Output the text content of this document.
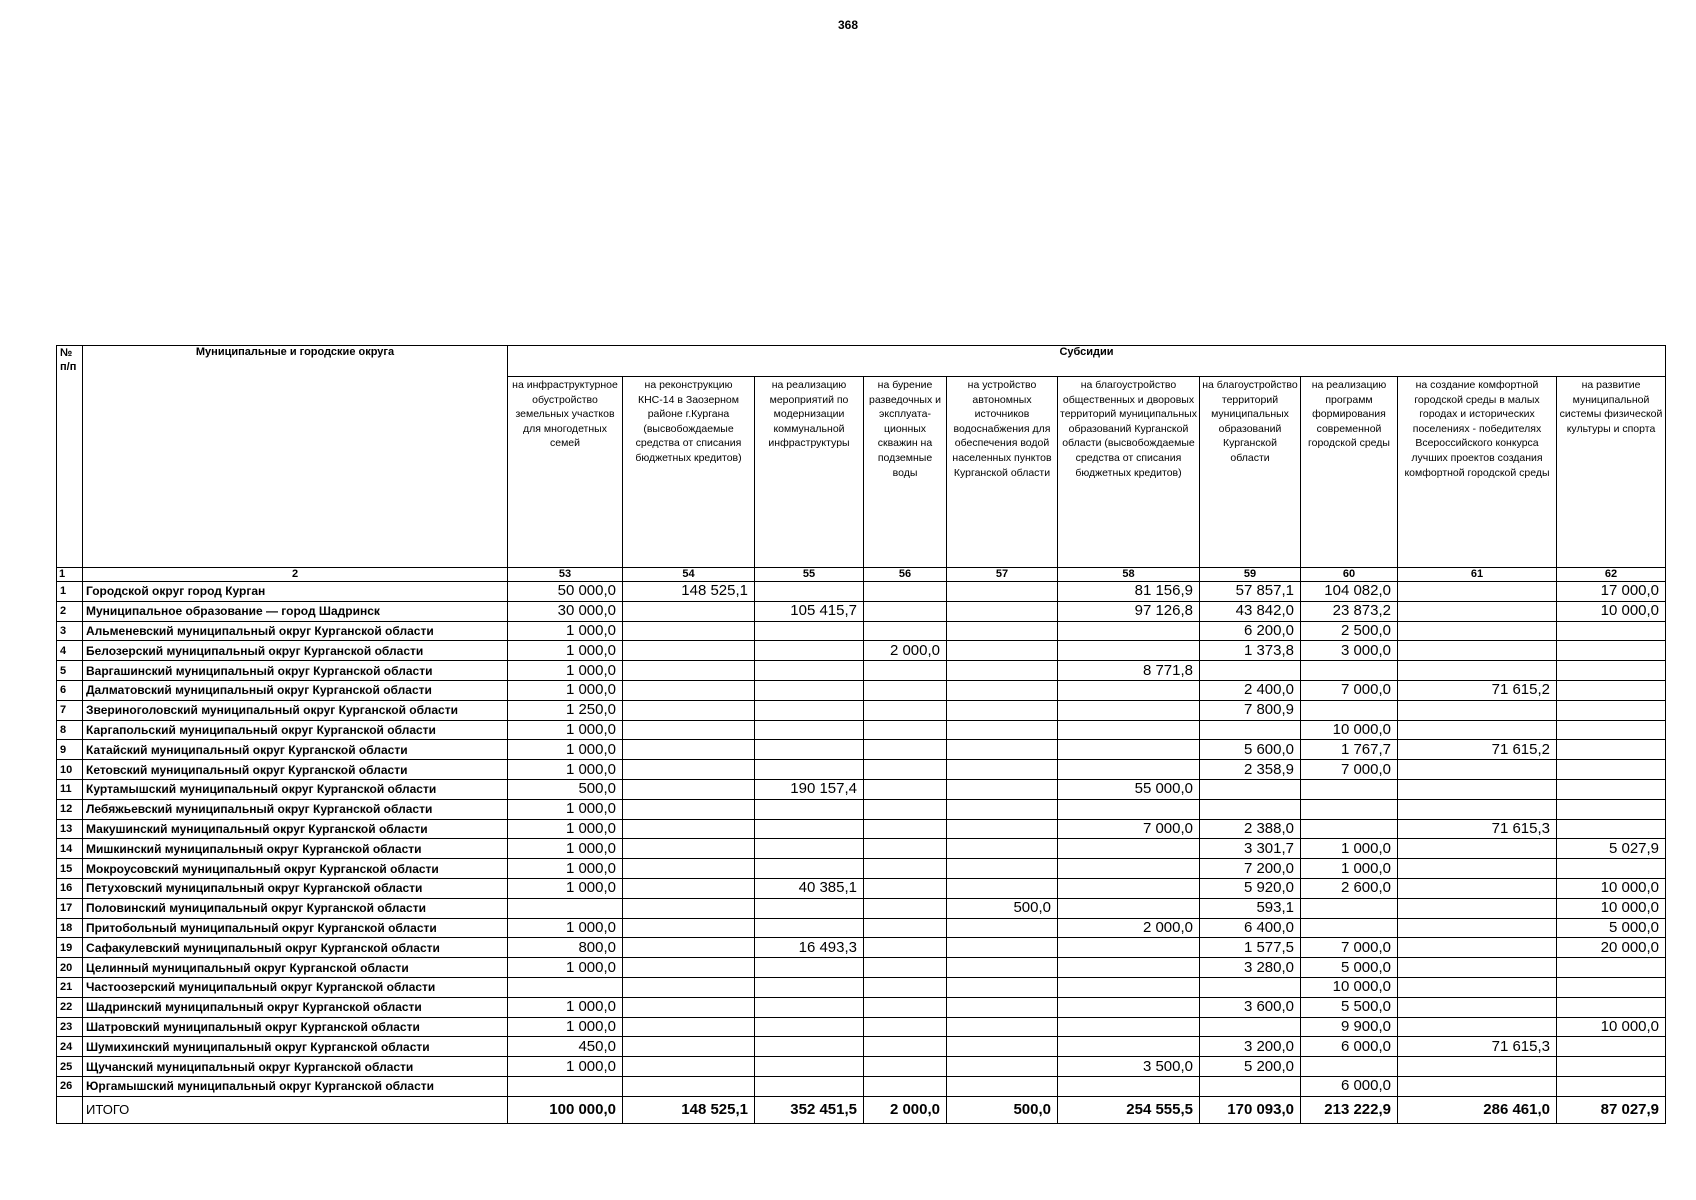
368
№
п/п	Муниципальные и городские округа	Субсидии									
		на инфраструктурное обустройство земельных участков для многодетных семей	на реконструкцию КНС-14 в Заозерном районе г.Кургана (высвобождаемые средства от списания бюджетных кредитов)	на реализацию мероприятий по модернизации коммунальной инфраструктуры	на бурение разведочных и эксплуата-ционных скважин на подземные воды	на устройство автономных источников водоснабжения для обеспечения водой населенных пунктов Курганской области	на благоустройство общественных и дворовых территорий муниципальных образований Курганской области (высвобождаемые средства от списания бюджетных кредитов)	на благоустройство территорий муниципальных образований Курганской области	на реализацию программ формирования современной городской среды	на создание комфортной городской среды в малых городах и исторических поселениях - победителях Всероссийского конкурса лучших проектов создания комфортной городской среды	на развитие муниципальной системы физической культуры и спорта
1	2	53	54	55	56	57	58	59	60	61	62
1	Городской округ город Курган	50 000,0	148 525,1				81 156,9	57 857,1	104 082,0		17 000,0
2	Муниципальное образование — город Шадринск	30 000,0		105 415,7			97 126,8	43 842,0	23 873,2		10 000,0
3	Альменевский муниципальный округ Курганской области	1 000,0						6 200,0	2 500,0		
4	Белозерский муниципальный округ Курганской области	1 000,0			2 000,0			1 373,8	3 000,0		
5	Варгашинский муниципальный округ Курганской области	1 000,0					8 771,8				
6	Далматовский муниципальный округ Курганской области	1 000,0						2 400,0	7 000,0	71 615,2	
7	Звериноголовский муниципальный округ Курганской области	1 250,0						7 800,9			
8	Каргапольский муниципальный округ Курганской области	1 000,0							10 000,0		
9	Катайский муниципальный округ Курганской области	1 000,0						5 600,0	1 767,7	71 615,2	
10	Кетовский муниципальный округ Курганской области	1 000,0						2 358,9	7 000,0		
11	Куртамышский муниципальный округ Курганской области	500,0		190 157,4			55 000,0				
12	Лебяжьевский муниципальный округ Курганской области	1 000,0									
13	Макушинский муниципальный округ Курганской области	1 000,0					7 000,0	2 388,0		71 615,3	
14	Мишкинский муниципальный округ Курганской области	1 000,0						3 301,7	1 000,0		5 027,9
15	Мокроусовский муниципальный округ Курганской области	1 000,0						7 200,0	1 000,0		
16	Петуховский муниципальный округ Курганской области	1 000,0		40 385,1				5 920,0	2 600,0		10 000,0
17	Половинский муниципальный округ Курганской области					500,0		593,1			10 000,0
18	Притобольный муниципальный округ Курганской области	1 000,0					2 000,0	6 400,0			5 000,0
19	Сафакулевский муниципальный округ Курганской области	800,0		16 493,3				1 577,5	7 000,0		20 000,0
20	Целинный муниципальный округ Курганской области	1 000,0						3 280,0	5 000,0		
21	Частоозерский муниципальный округ Курганской области								10 000,0		
22	Шадринский муниципальный округ Курганской области	1 000,0						3 600,0	5 500,0		
23	Шатровский муниципальный округ Курганской области	1 000,0							9 900,0		10 000,0
24	Шумихинский муниципальный округ Курганской области	450,0						3 200,0	6 000,0	71 615,3	
25	Щучанский муниципальный округ Курганской области	1 000,0					3 500,0	5 200,0			
26	Юргамышский муниципальный округ Курганской области								6 000,0		
	ИТОГО	100 000,0	148 525,1	352 451,5	2 000,0	500,0	254 555,5	170 093,0	213 222,9	286 461,0	87 027,9
